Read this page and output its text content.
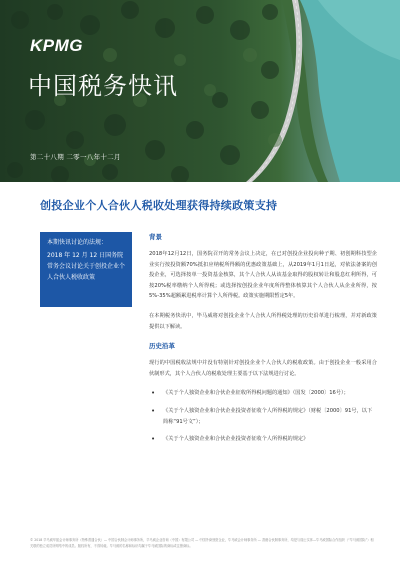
KPMG
中国税务快讯
第二十八期 二零一八年十二月
创投企业个人合伙人税收处理获得持续政策支持
本期快讯讨论的法规：
2018 年 12 月 12 日国务院常务会议讨论关于创投企业个人合伙人税收政策
背景

2018年12月12日，国务院召开的常务会议上决定，在已对创投企业投向种子期、初创期科技型企业实行按投资额70%抵扣应纳税所得额的优惠政策基础上，从2019年1月1日起，对依法备案的创投企业，可选择按单一投资基金核算，其个人合伙人从该基金取得的股权转让和股息红利所得，可按20%税率缴纳个人所得税；或选择按创投企业年度所得整体核算其个人合伙人从企业所得，按5%-35%超额累进税率计算个人所得税。政策实施期限暂定5年。

在本期税务快讯中，毕马威将对创投企业个人合伙人所得税处理的历史沿革进行梳理，并对新政策提供以下解读。

历史沿革

现行的中国税收法规中并没有特别针对创投企业个人合伙人的税收政策。由于创投企业一般采用合伙制形式，其个人合伙人的税收处理主要基于以下法规进行讨论。

• 《关于个人独资企业和合伙企业征收所得税问题的通知》（国发〔2000〕16号）；
• 《关于个人独资企业和合伙企业投资者征收个人所得税的规定》（财税〔2000〕91号，以下简称“91号文”）；
• 《关于个人独资企业和合伙企业投资者征收个人所得税的规定》
© 2018 毕马威华振会计师事务所（特殊普通合伙）— 中国合伙制会计师事务所，毕马威企业咨询（中国）有限公司 — 中国外商独资企业，毕马威会计师事务所 — 香港合伙制事务所，均是与瑞士实体—毕马威国际合作组织（“毕马威国际”）相关联的独立成员所网络中的成员。版权所有，不得转载。毕马威的名称和标识均属于毕马威国际的商标或注册商标。
